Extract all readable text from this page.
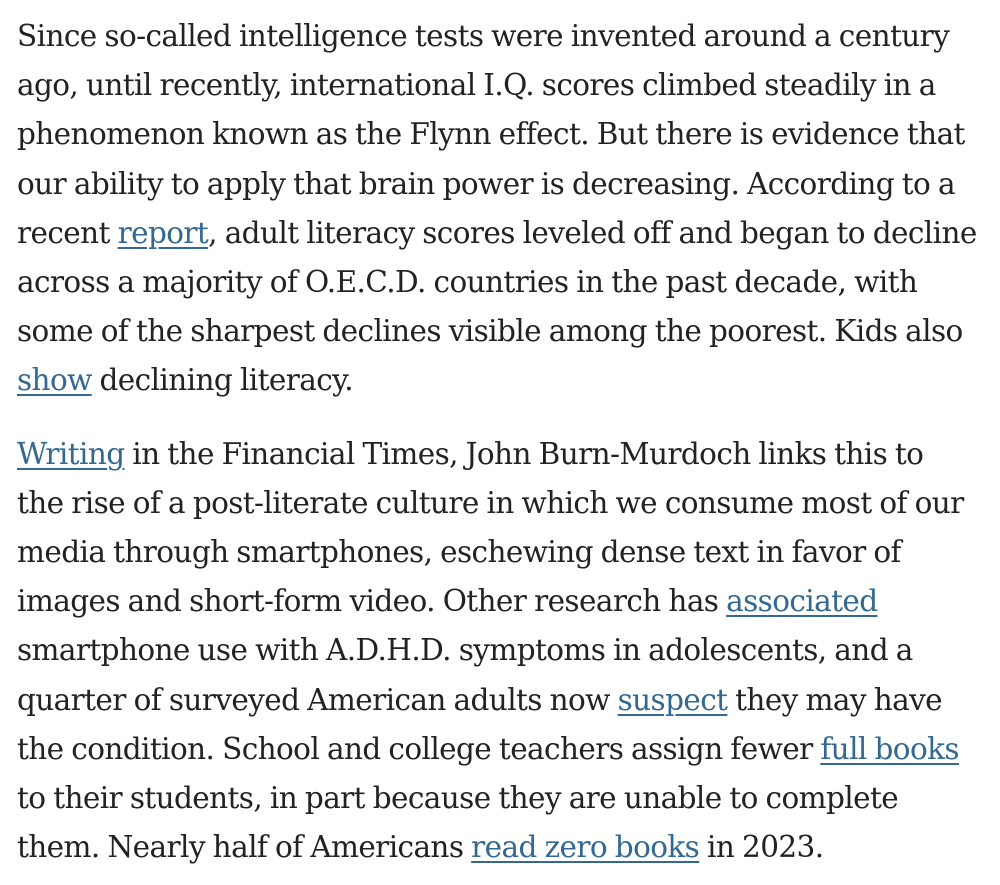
Since so-called intelligence tests were invented around a century
ago, until recently, international I.Q. scores climbed steadily in a
phenomenon known as the Flynn effect. But there is evidence that
our ability to apply that brain power is decreasing. According to a
recent report, adult literacy scores leveled off and began to decline
across a majority of O.E.C.D. countries in the past decade, with
some of the sharpest declines visible among the poorest. Kids also
show declining literacy.

Writing in the Financial Times, John Burn-Murdoch links this to
the rise of a post-literate culture in which we consume most of our
media through smartphones, eschewing dense text in favor of
images and short-form video. Other research has associated
smartphone use with A.D.H.D. symptoms in adolescents, and a
quarter of surveyed American adults now suspect they may have
the condition. School and college teachers assign fewer full books
to their students, in part because they are unable to complete
them. Nearly half of Americans read zero books in 2023.
